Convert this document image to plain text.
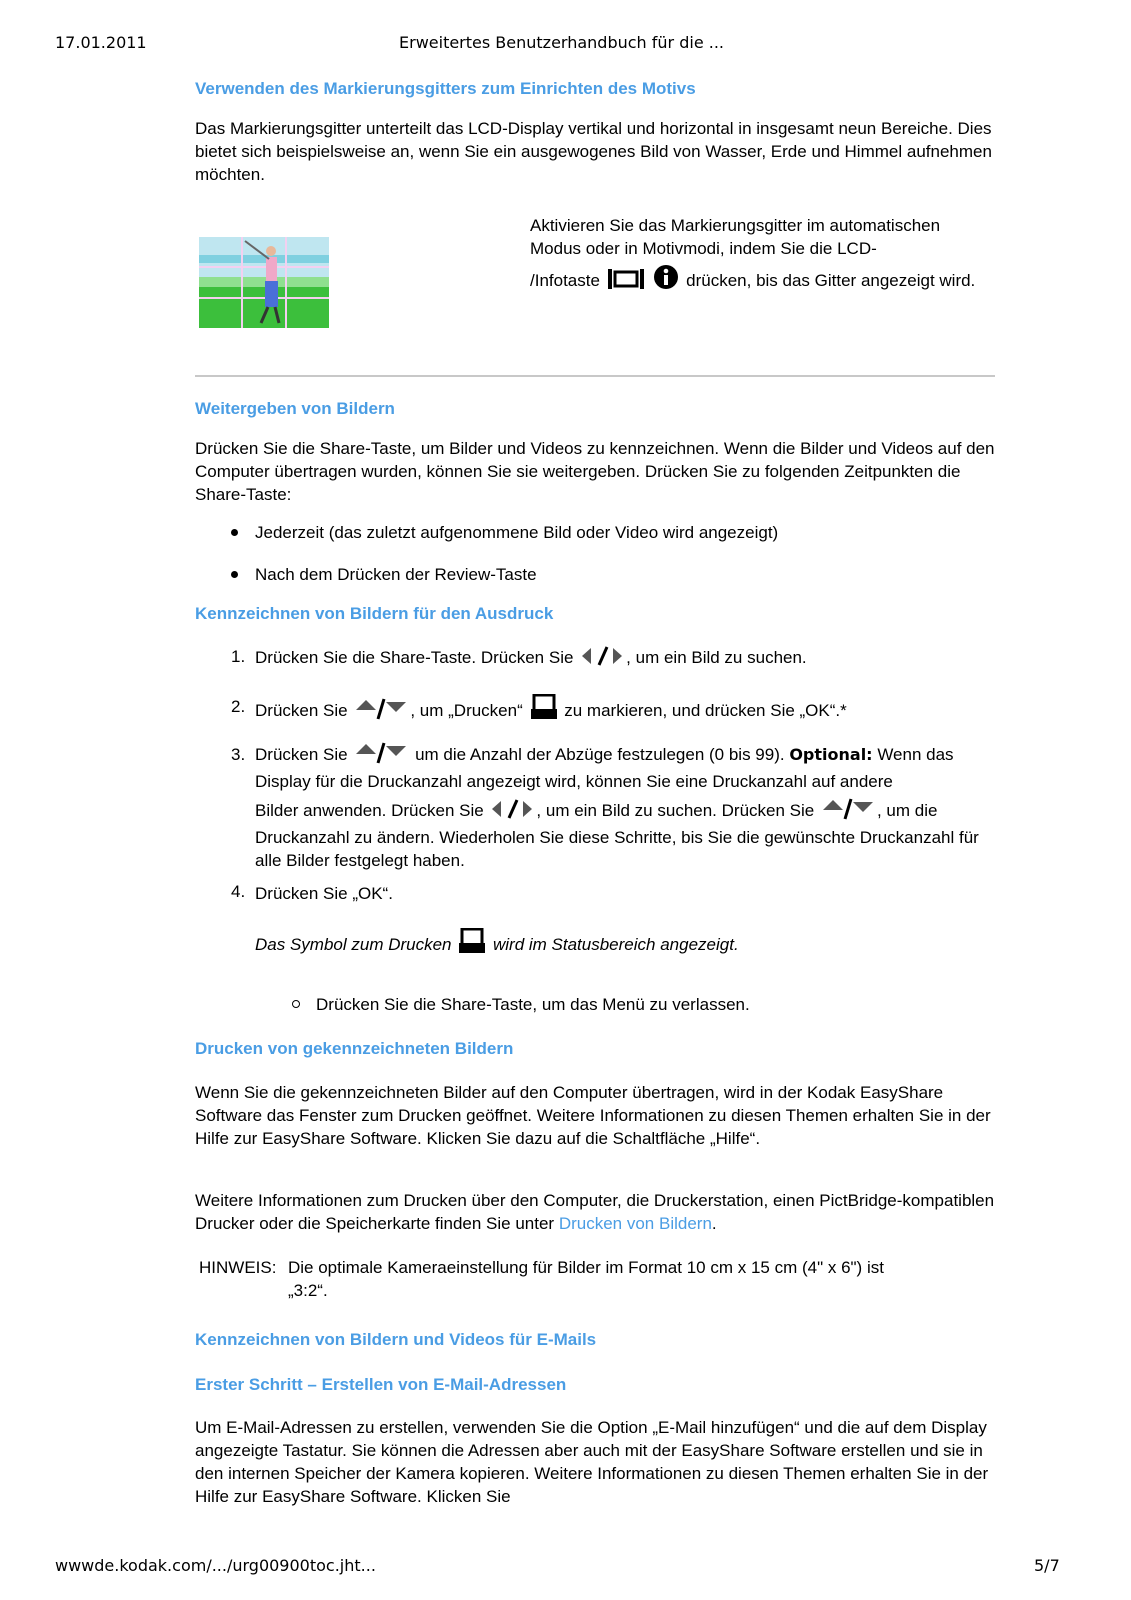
17.01.2011	Erweitertes Benutzerhandbuch für die ...
wwwde.kodak.com/.../urg00900toc.jht...	5/7
Verwenden des Markierungsgitters zum Einrichten des Motivs
Das Markierungsgitter unterteilt das LCD-Display vertikal und horizontal in insgesamt neun Bereiche. Dies bietet sich beispielsweise an, wenn Sie ein ausgewogenes Bild von Wasser, Erde und Himmel aufnehmen möchten.
Aktivieren Sie das Markierungsgitter im automatischen Modus oder in Motivmodi, indem Sie die LCD-
/Infotaste	drücken, bis das Gitter angezeigt wird.
Weitergeben von Bildern
Drücken Sie die Share-Taste, um Bilder und Videos zu kennzeichnen. Wenn die Bilder und Videos auf den Computer übertragen wurden, können Sie sie weitergeben. Drücken Sie zu folgenden Zeitpunkten die Share-Taste:
Jederzeit (das zuletzt aufgenommene Bild oder Video wird angezeigt)
Nach dem Drücken der Review-Taste
Kennzeichnen von Bildern für den Ausdruck
1. Drücken Sie die Share-Taste. Drücken Sie	, um ein Bild zu suchen.
2. Drücken Sie	, um „Drucken“ zu markieren, und drücken Sie „OK“.*
3. Drücken Sie	um die Anzahl der Abzüge festzulegen (0 bis 99). Optional: Wenn das Display für die Druckanzahl angezeigt wird, können Sie eine Druckanzahl auf andere
Bilder anwenden. Drücken Sie	, um ein Bild zu suchen. Drücken Sie	, um die
Druckanzahl zu ändern. Wiederholen Sie diese Schritte, bis Sie die gewünschte Druckanzahl für alle Bilder festgelegt haben.
4. Drücken Sie „OK“.
Das Symbol zum Drucken wird im Statusbereich angezeigt.
Drücken Sie die Share-Taste, um das Menü zu verlassen.
Drucken von gekennzeichneten Bildern
Wenn Sie die gekennzeichneten Bilder auf den Computer übertragen, wird in der Kodak EasyShare Software das Fenster zum Drucken geöffnet. Weitere Informationen zu diesen Themen erhalten Sie in der Hilfe zur EasyShare Software. Klicken Sie dazu auf die Schaltfläche „Hilfe“.
Weitere Informationen zum Drucken über den Computer, die Druckerstation, einen PictBridge-kompatiblen Drucker oder die Speicherkarte finden Sie unter Drucken von Bildern.
HINWEIS: Die optimale Kameraeinstellung für Bilder im Format 10 cm x 15 cm (4" x 6") ist
„3:2“.
Kennzeichnen von Bildern und Videos für E-Mails
Erster Schritt – Erstellen von E-Mail-Adressen
Um E-Mail-Adressen zu erstellen, verwenden Sie die Option „E-Mail hinzufügen“ und die auf dem Display angezeigte Tastatur. Sie können die Adressen aber auch mit der EasyShare Software erstellen und sie in den internen Speicher der Kamera kopieren. Weitere Informationen zu diesen Themen erhalten Sie in der Hilfe zur EasyShare Software. Klicken Sie
